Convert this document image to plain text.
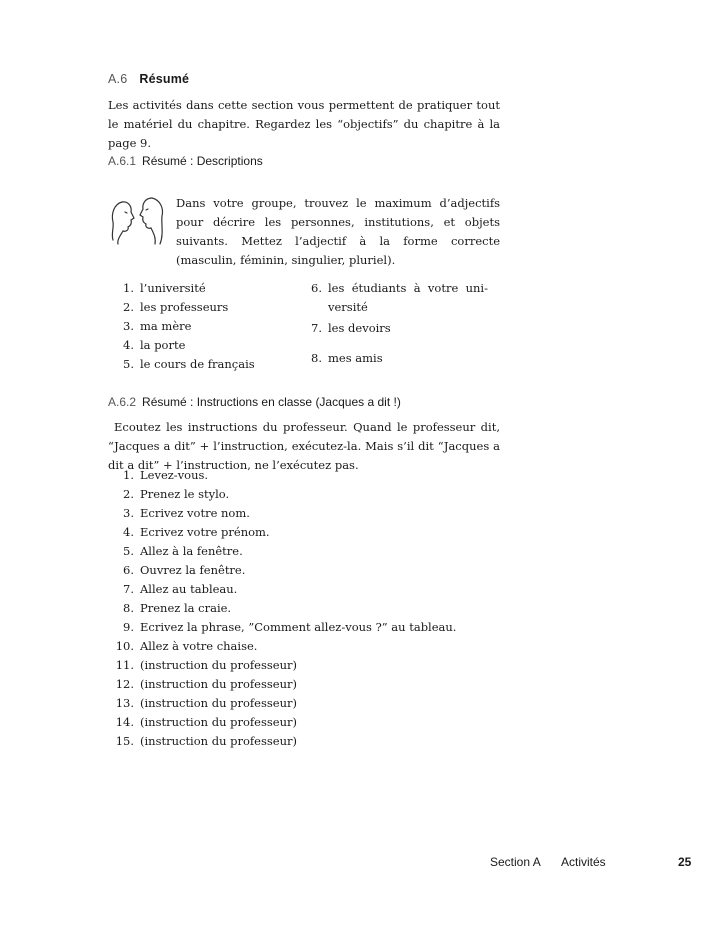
A.6 Résumé
Les activités dans cette section vous permettent de pratiquer tout le matériel du chapitre. Regardez les “objectifs” du chapitre à la page 9.
A.6.1 Résumé : Descriptions
Dans votre groupe, trouvez le maximum d’adjectifs pour décrire les personnes, institutions, et objets suivants. Mettez l’adjectif à la forme correcte (masculin, féminin, singulier, pluriel).
1. l’université
2. les professeurs
3. ma mère
4. la porte
5. le cours de français
6. les étudiants à votre uni-versité
7. les devoirs
8. mes amis
A.6.2 Résumé : Instructions en classe (Jacques a dit !)
Ecoutez les instructions du professeur. Quand le professeur dit, “Jacques a dit” + l’instruction, exécutez-la. Mais s’il dit “Jacques a dit a dit” + l’instruction, ne l’exécutez pas.
1. Levez-vous.
2. Prenez le stylo.
3. Ecrivez votre nom.
4. Ecrivez votre prénom.
5. Allez à la fenêtre.
6. Ouvrez la fenêtre.
7. Allez au tableau.
8. Prenez la craie.
9. Ecrivez la phrase, ”Comment allez-vous ?” au tableau.
10. Allez à votre chaise.
11. (instruction du professeur)
12. (instruction du professeur)
13. (instruction du professeur)
14. (instruction du professeur)
15. (instruction du professeur)
Section A Activités	25
